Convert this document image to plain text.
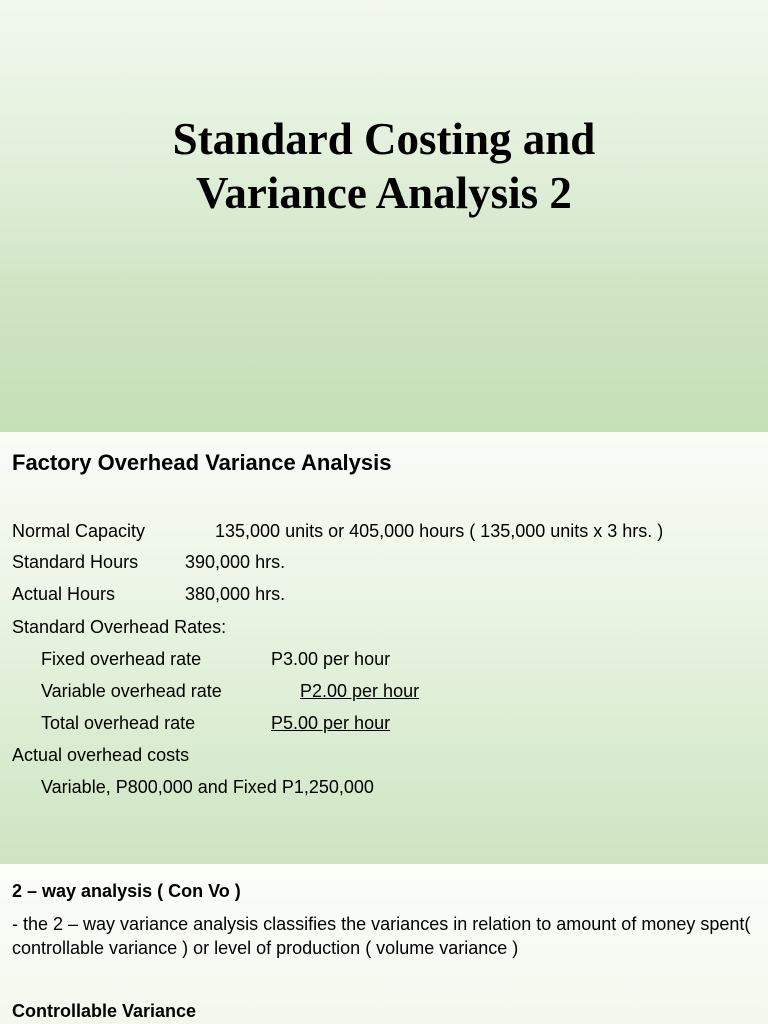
Standard Costing and
Variance Analysis 2
Factory Overhead Variance Analysis
Normal Capacity	135,000 units or 405,000 hours ( 135,000 units x 3 hrs. )
Standard Hours	390,000 hrs.
Actual Hours	380,000 hrs.
Standard Overhead Rates:
Fixed overhead rate	P3.00 per hour
Variable overhead rate	P2.00 per hour
Total overhead rate	P5.00 per hour
Actual overhead costs
Variable, P800,000 and Fixed P1,250,000
2 – way analysis ( Con Vo )
- the 2 – way variance analysis classifies the variances in relation to amount of money spent( controllable variance ) or level of production ( volume variance )
Controllable Variance
